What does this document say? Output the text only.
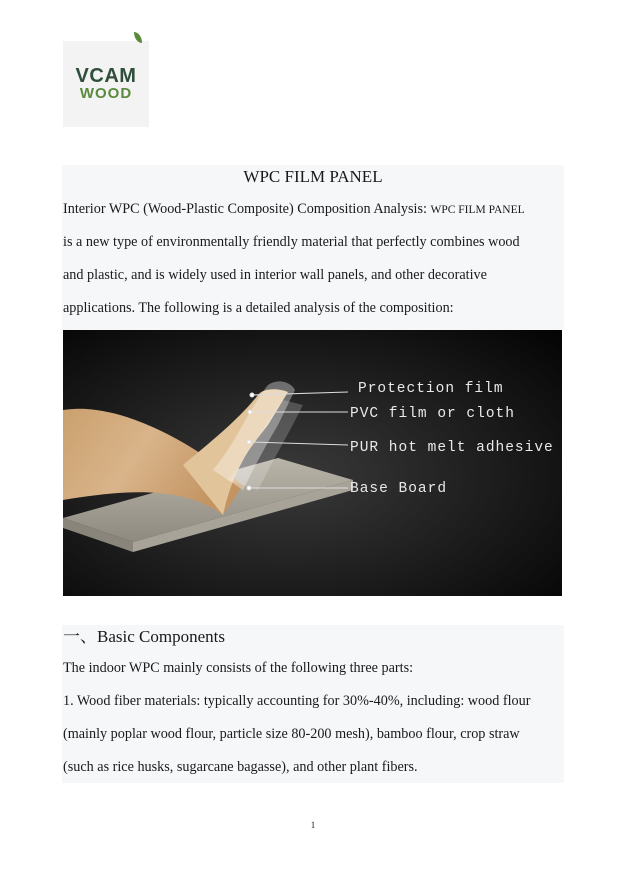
VCAM
WOOD
WPC FILM PANEL
Interior WPC (Wood-Plastic Composite) Composition Analysis: WPC FILM PANEL
is a new type of environmentally friendly material that perfectly combines wood
and plastic, and is widely used in interior wall panels, and other decorative
applications. The following is a detailed analysis of the composition:
Protection film
PVC film or cloth
PUR hot melt adhesive
Base Board
一、Basic Components
The indoor WPC mainly consists of the following three parts:
1. Wood fiber materials: typically accounting for 30%-40%, including: wood flour
(mainly poplar wood flour, particle size 80-200 mesh), bamboo flour, crop straw
(such as rice husks, sugarcane bagasse), and other plant fibers.
1
